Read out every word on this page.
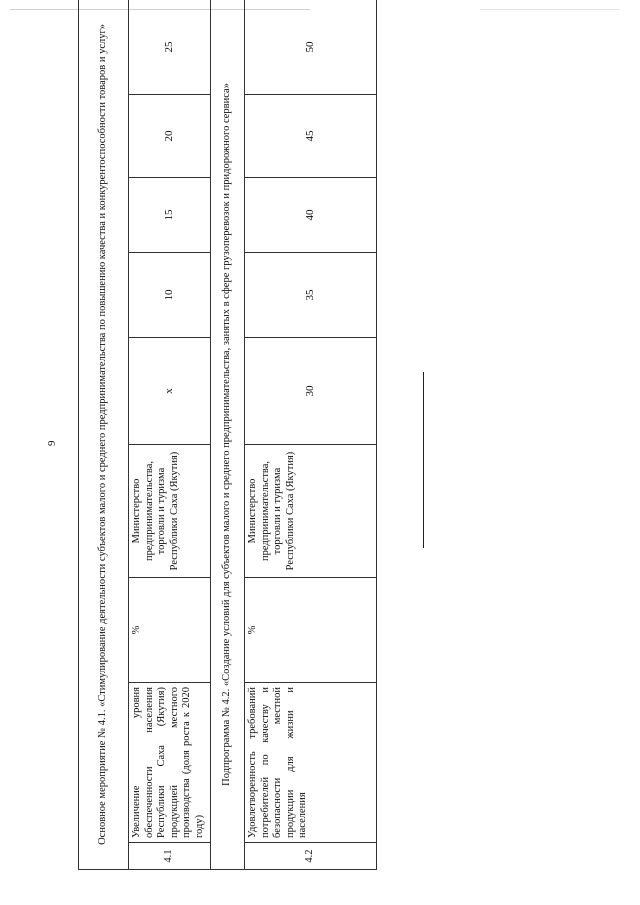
9	Основное мероприятие № 4.1. «Стимулирование деятельности субъектов малого и среднего предпринимательства по повышению качества и конкурентоспособности товаров и услуг»								
4.1	Увеличение уровня обеспеченности населения Республики Саха (Якутия) продукцией местного производства (доля роста к 2020 году)	%	Министерство предпринимательства, торговли и туризма Республики Саха (Якутия)	x	10	15	20	25
Подпрограмма № 4.2. «Создание условий для субъектов малого и среднего предпринимательства, занятых в сфере грузоперевозок и придорожного сервиса»								
4.2	Удовлетворенность требований потребителей по качеству и безопасности местной продукции для жизни и населения	%	Министерство предпринимательства, торговли и туризма Республики Саха (Якутия)	30	35	40	45	50
